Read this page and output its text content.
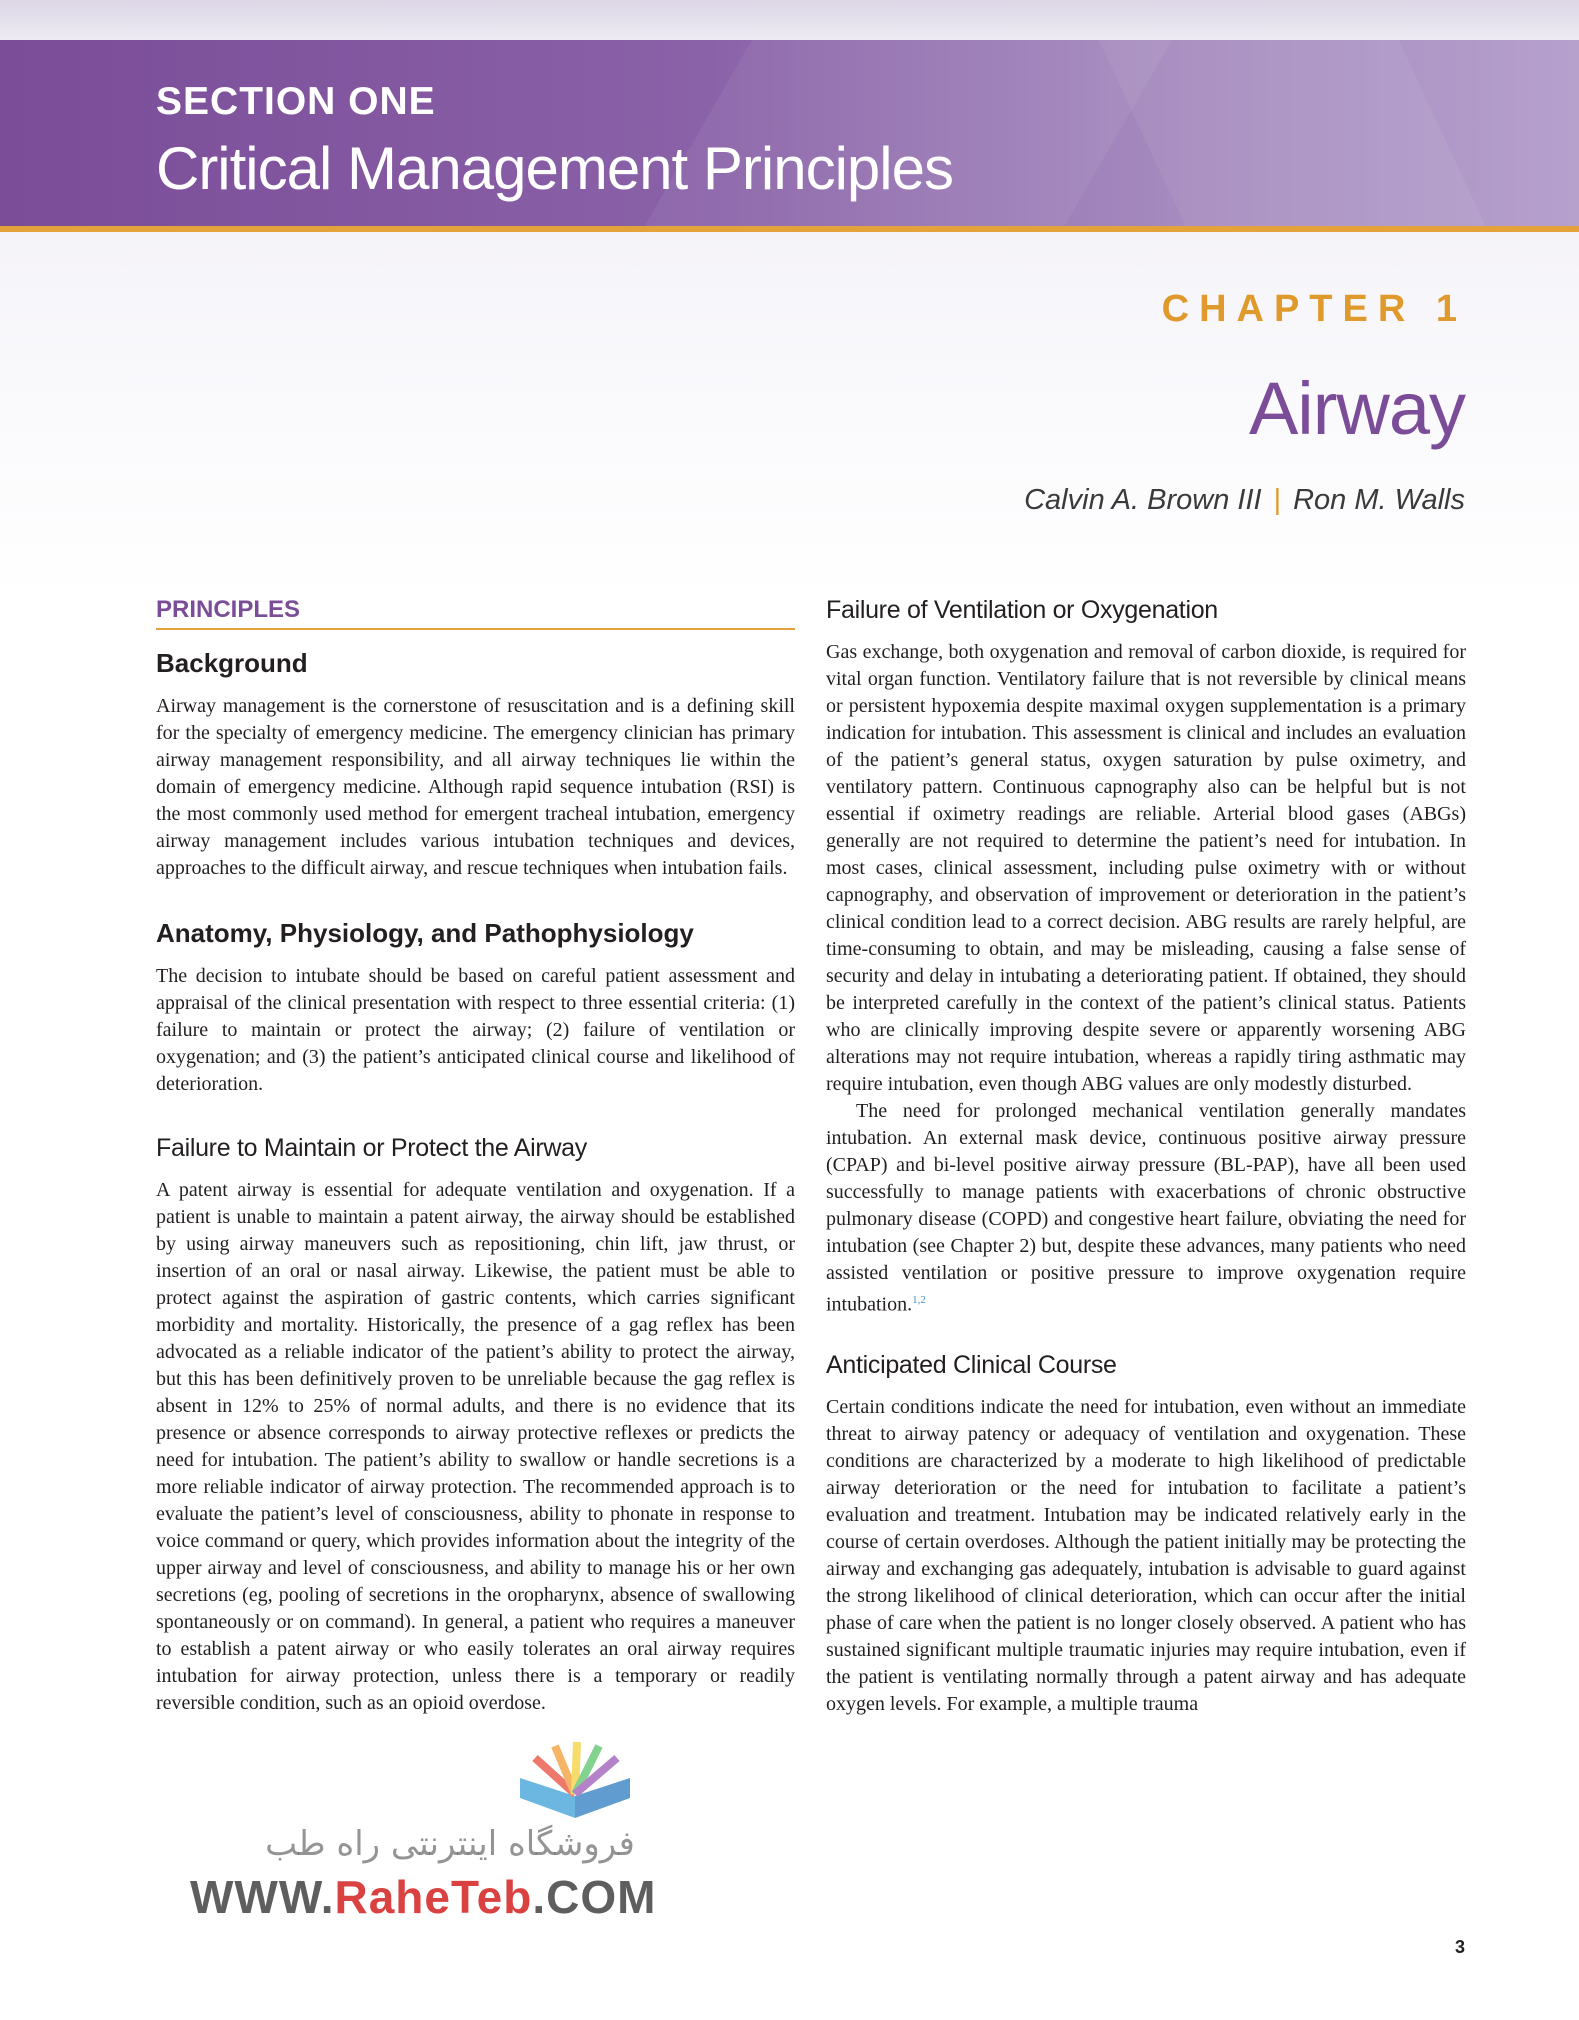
SECTION ONE
Critical Management Principles
CHAPTER 1
Airway
Calvin A. Brown III | Ron M. Walls
PRINCIPLES
Background

Airway management is the cornerstone of resuscitation and is a defining skill for the specialty of emergency medicine. The emergency clinician has primary airway management responsibility, and all airway techniques lie within the domain of emergency medicine. Although rapid sequence intubation (RSI) is the most commonly used method for emergent tracheal intubation, emergency airway management includes various intubation techniques and devices, approaches to the difficult airway, and rescue techniques when intubation fails.

Anatomy, Physiology, and Pathophysiology

The decision to intubate should be based on careful patient assessment and appraisal of the clinical presentation with respect to three essential criteria: (1) failure to maintain or protect the airway; (2) failure of ventilation or oxygenation; and (3) the patient’s anticipated clinical course and likelihood of deterioration.

Failure to Maintain or Protect the Airway

A patent airway is essential for adequate ventilation and oxygenation. If a patient is unable to maintain a patent airway, the airway should be established by using airway maneuvers such as repositioning, chin lift, jaw thrust, or insertion of an oral or nasal airway. Likewise, the patient must be able to protect against the aspiration of gastric contents, which carries significant morbidity and mortality. Historically, the presence of a gag reflex has been advocated as a reliable indicator of the patient’s ability to protect the airway, but this has been definitively proven to be unreliable because the gag reflex is absent in 12% to 25% of normal adults, and there is no evidence that its presence or absence corresponds to airway protective reflexes or predicts the need for intubation. The patient’s ability to swallow or handle secretions is a more reliable indicator of airway protection. The recommended approach is to evaluate the patient’s level of consciousness, ability to phonate in response to voice command or query, which provides information about the integrity of the upper airway and level of consciousness, and ability to manage his or her own secretions (eg, pooling of secretions in the oropharynx, absence of swallowing spontaneously or on command). In general, a patient who requires a maneuver to establish a patent airway or who easily tolerates an oral airway requires intubation for airway protection, unless there is a temporary or readily reversible condition, such as an opioid overdose.

Failure of Ventilation or Oxygenation

Gas exchange, both oxygenation and removal of carbon dioxide, is required for vital organ function. Ventilatory failure that is not reversible by clinical means or persistent hypoxemia despite maximal oxygen supplementation is a primary indication for intubation. This assessment is clinical and includes an evaluation of the patient’s general status, oxygen saturation by pulse oximetry, and ventilatory pattern. Continuous capnography also can be helpful but is not essential if oximetry readings are reliable. Arterial blood gases (ABGs) generally are not required to determine the patient’s need for intubation. In most cases, clinical assessment, including pulse oximetry with or without capnography, and observation of improvement or deterioration in the patient’s clinical condition lead to a correct decision. ABG results are rarely helpful, are time-consuming to obtain, and may be misleading, causing a false sense of security and delay in intubating a deteriorating patient. If obtained, they should be interpreted carefully in the context of the patient’s clinical status. Patients who are clinically improving despite severe or apparently worsening ABG alterations may not require intubation, whereas a rapidly tiring asthmatic may require intubation, even though ABG values are only modestly disturbed.

The need for prolonged mechanical ventilation generally mandates intubation. An external mask device, continuous positive airway pressure (CPAP) and bi-level positive airway pressure (BL-PAP), have all been used successfully to manage patients with exacerbations of chronic obstructive pulmonary disease (COPD) and congestive heart failure, obviating the need for intubation (see Chapter 2) but, despite these advances, many patients who need assisted ventilation or positive pressure to improve oxygenation require intubation.$^{1,2}$

Anticipated Clinical Course

Certain conditions indicate the need for intubation, even without an immediate threat to airway patency or adequacy of ventilation and oxygenation. These conditions are characterized by a moderate to high likelihood of predictable airway deterioration or the need for intubation to facilitate a patient’s evaluation and treatment. Intubation may be indicated relatively early in the course of certain overdoses. Although the patient initially may be protecting the airway and exchanging gas adequately, intubation is advisable to guard against the strong likelihood of clinical deterioration, which can occur after the initial phase of care when the patient is no longer closely observed. A patient who has sustained significant multiple traumatic injuries may require intubation, even if the patient is ventilating normally through a patent airway and has adequate oxygen levels. For example, a multiple trauma

3
فروشگاه اینترنتی راه طب
WWW.RaheTeb.COM
